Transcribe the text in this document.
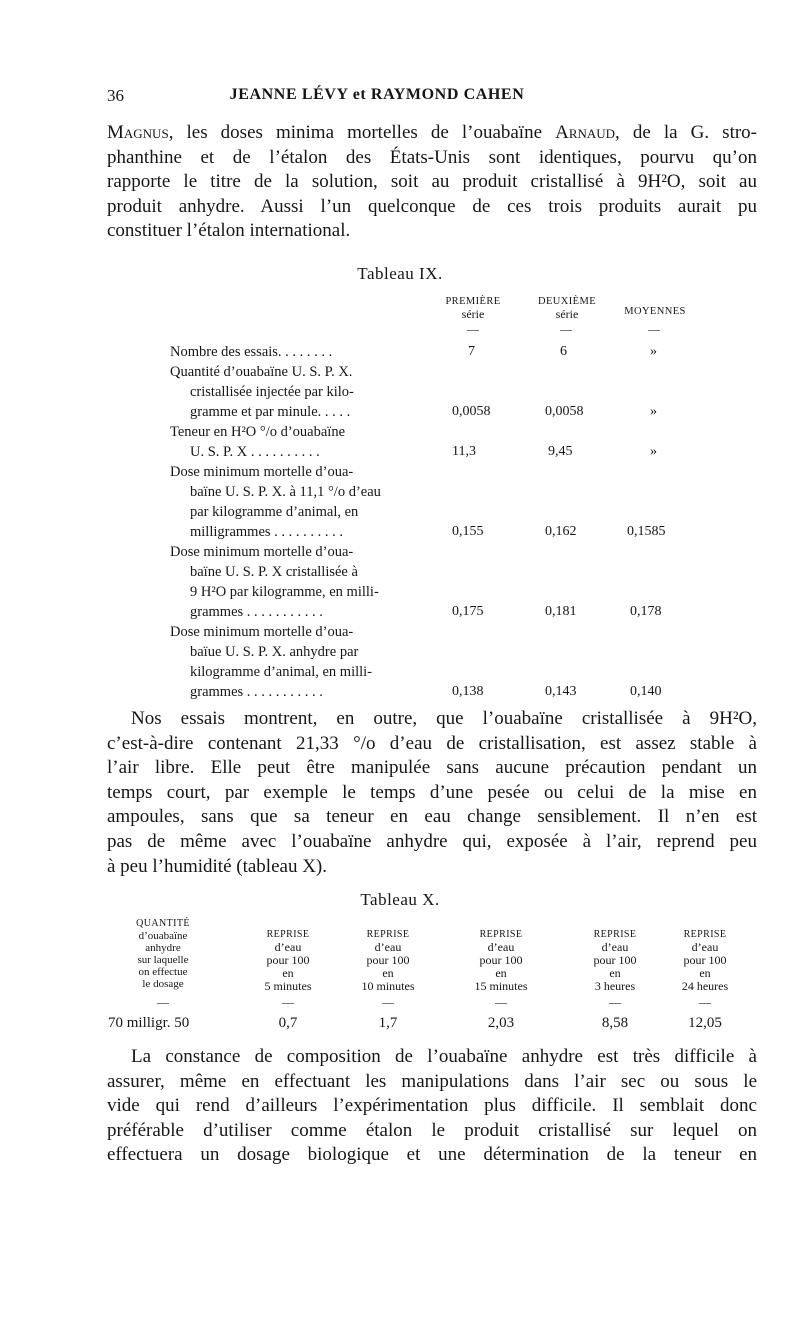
36	JEANNE LÉVY et RAYMOND CAHEN
Magnus, les doses minima mortelles de l’ouabaïne Arnaud, de la G. stro-
phanthine et de l’étalon des États-Unis sont identiques, pourvu qu’on
rapporte le titre de la solution, soit au produit cristallisé à 9H²O, soit au
produit anhydre. Aussi l’un quelconque de ces trois produits aurait pu
constituer l’étalon international.
Tableau IX.
PREMIÈRE
série
DEUXIÈME
série	MOYENNES
—	—	—
Nombre des essais. . . . . . . .	7	6	»
Quantité d’ouabaïne U. S. P. X.
cristallisée injectée par kilo-
gramme et par minule. . . . .	0,0058	0,0058	»
Teneur en H²O °/o d’ouabaïne
U. S. P. X . . . . . . . . . .	11,3	9,45	»
Dose minimum mortelle d’oua-
baïne U. S. P. X. à 11,1 °/o d’eau
par kilogramme d’animal, en
milligrammes . . . . . . . . . .	0,155	0,162	0,1585
Dose minimum mortelle d’oua-
baïne U. S. P. X cristallisée à
9 H²O par kilogramme, en milli-
grammes . . . . . . . . . . .	0,175	0,181	0,178
Dose minimum mortelle d’oua-
baïue U. S. P. X. anhydre par
kilogramme d’animal, en milli-
grammes . . . . . . . . . . .	0,138	0,143	0,140
Nos essais montrent, en outre, que l’ouabaïne cristallisée à 9H²O,
c’est-à-dire contenant 21,33 °/o d’eau de cristallisation, est assez stable à
l’air libre. Elle peut être manipulée sans aucune précaution pendant un
temps court, par exemple le temps d’une pesée ou celui de la mise en
ampoules, sans que sa teneur en eau change sensiblement. Il n’en est
pas de même avec l’ouabaïne anhydre qui, exposée à l’air, reprend peu
à peu l’humidité (tableau X).
Tableau X.
QUANTITÉ
d’ouabaïne
anhydre
sur laquelle
on effectue
le dosage
REPRISE
d’eau
pour 100
en
5 minutes
REPRISE
d’eau
pour 100
en
10 minutes
REPRISE
d’eau
pour 100
en
15 minutes
REPRISE
d’eau
pour 100
en
3 heures
REPRISE
d’eau
pour 100
en
24 heures
—	—	—	—	—	—
70 milligr. 50	0,7	1,7	2,03	8,58	12,05
La constance de composition de l’ouabaïne anhydre est très difficile à
assurer, même en effectuant les manipulations dans l’air sec ou sous le
vide qui rend d’ailleurs l’expérimentation plus difficile. Il semblait donc
préférable d’utiliser comme étalon le produit cristallisé sur lequel on
effectuera un dosage biologique et une détermination de la teneur en
